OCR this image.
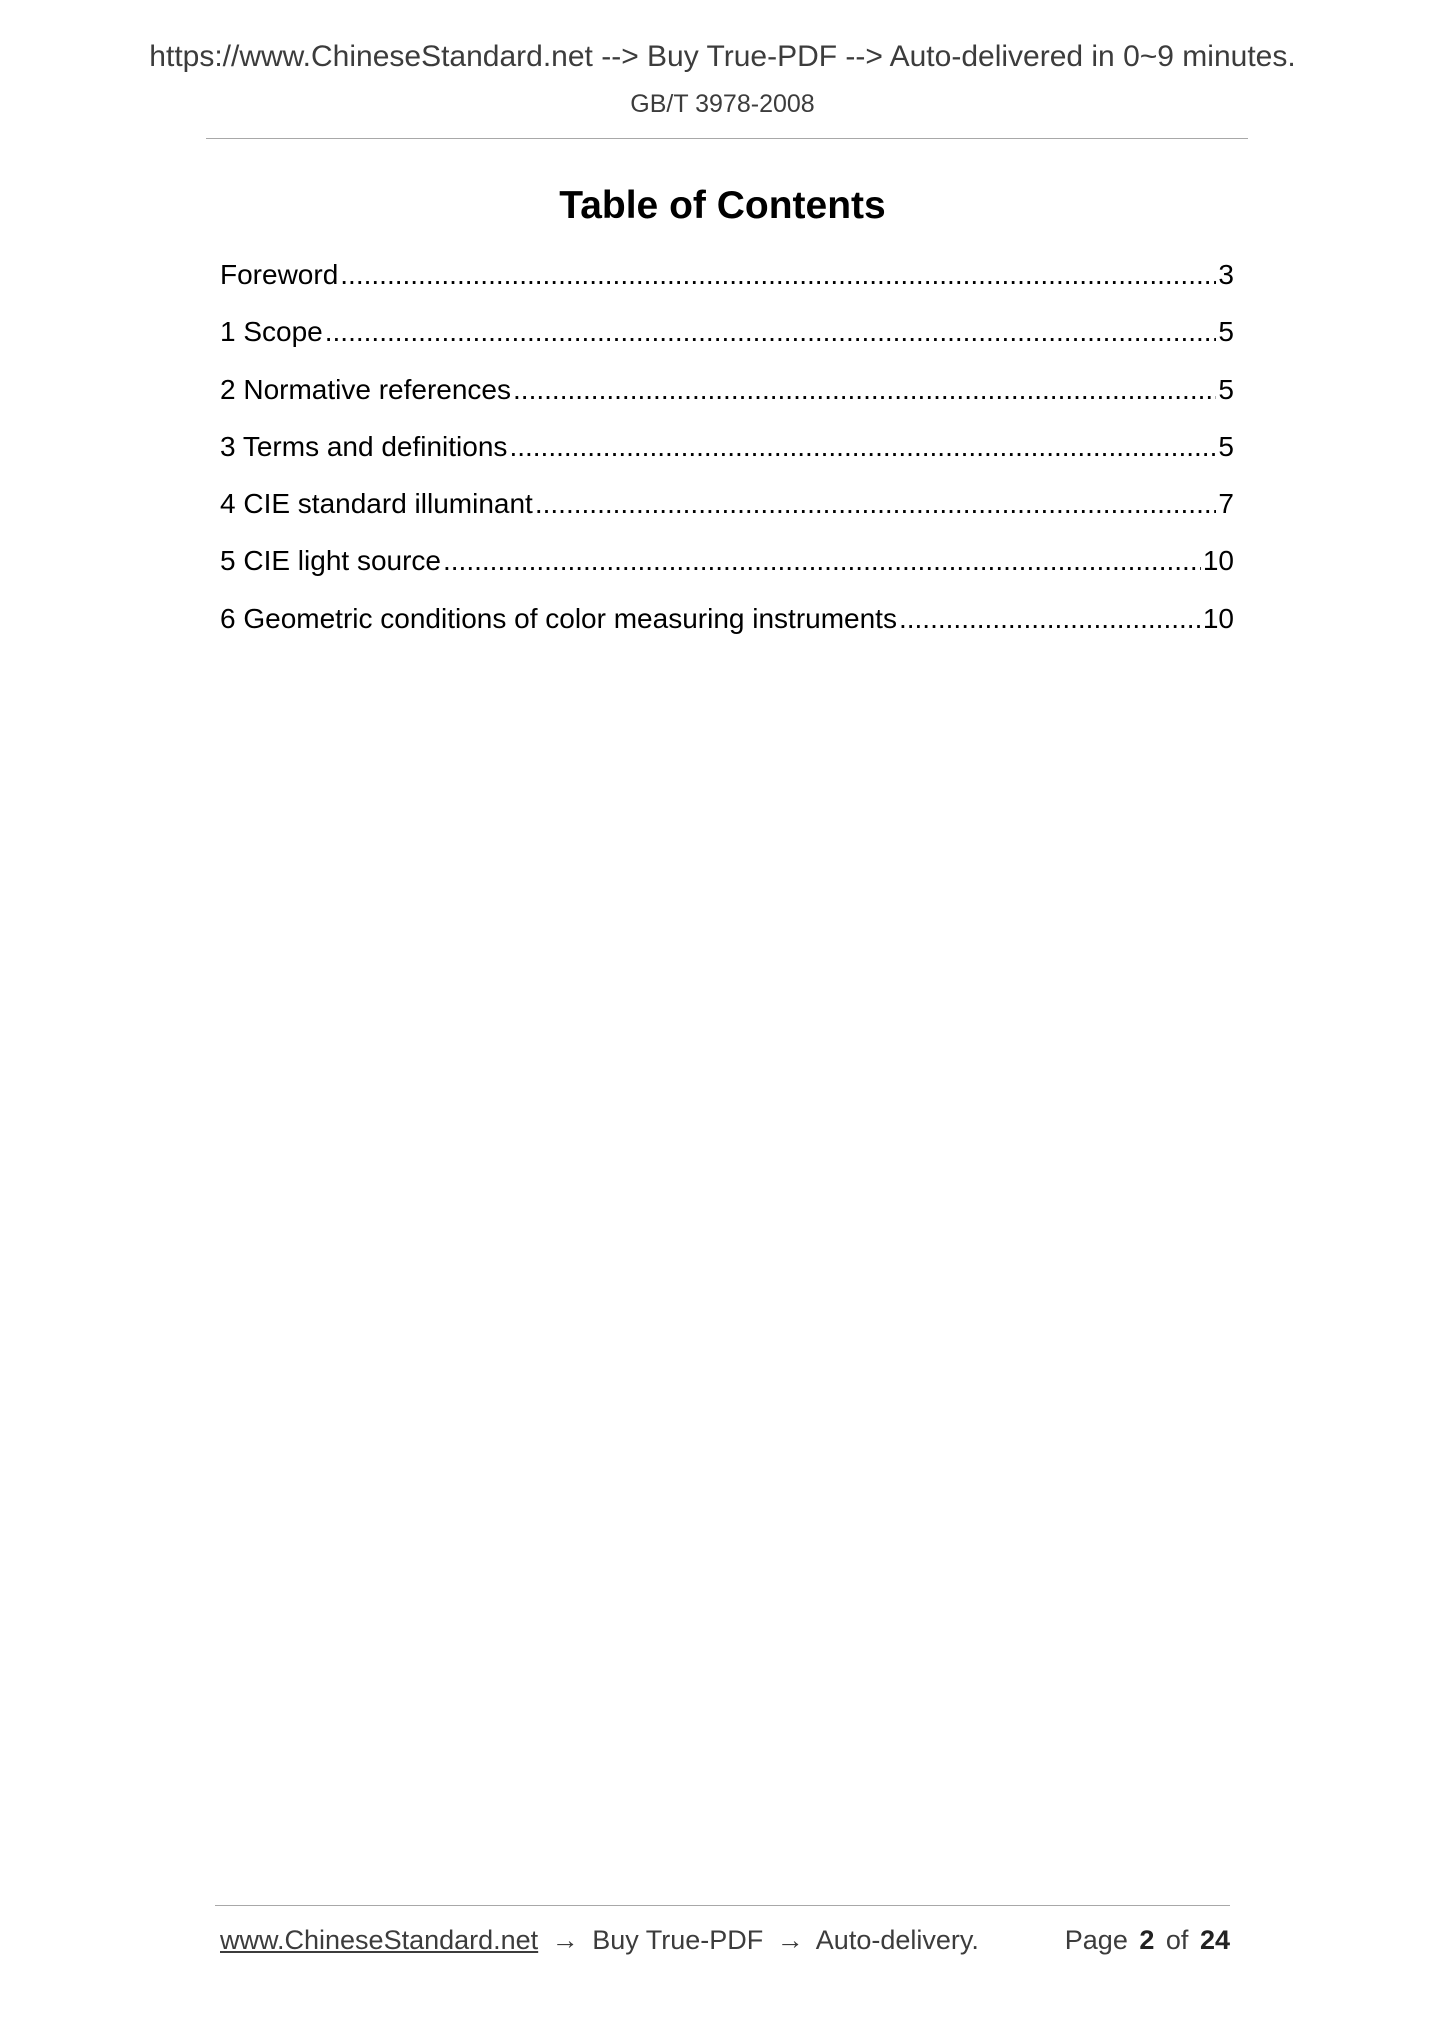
https://www.ChineseStandard.net --> Buy True-PDF --> Auto-delivered in 0~9 minutes.
GB/T 3978-2008
Table of Contents
Foreword .....	3
1 Scope .....	5
2 Normative references .....	5
3 Terms and definitions .....	5
4 CIE standard illuminant .....	7
5 CIE light source .....	10
6 Geometric conditions of color measuring instruments .....	10
www.ChineseStandard.net → Buy True-PDF → Auto-delivery.	Page 2 of 24
